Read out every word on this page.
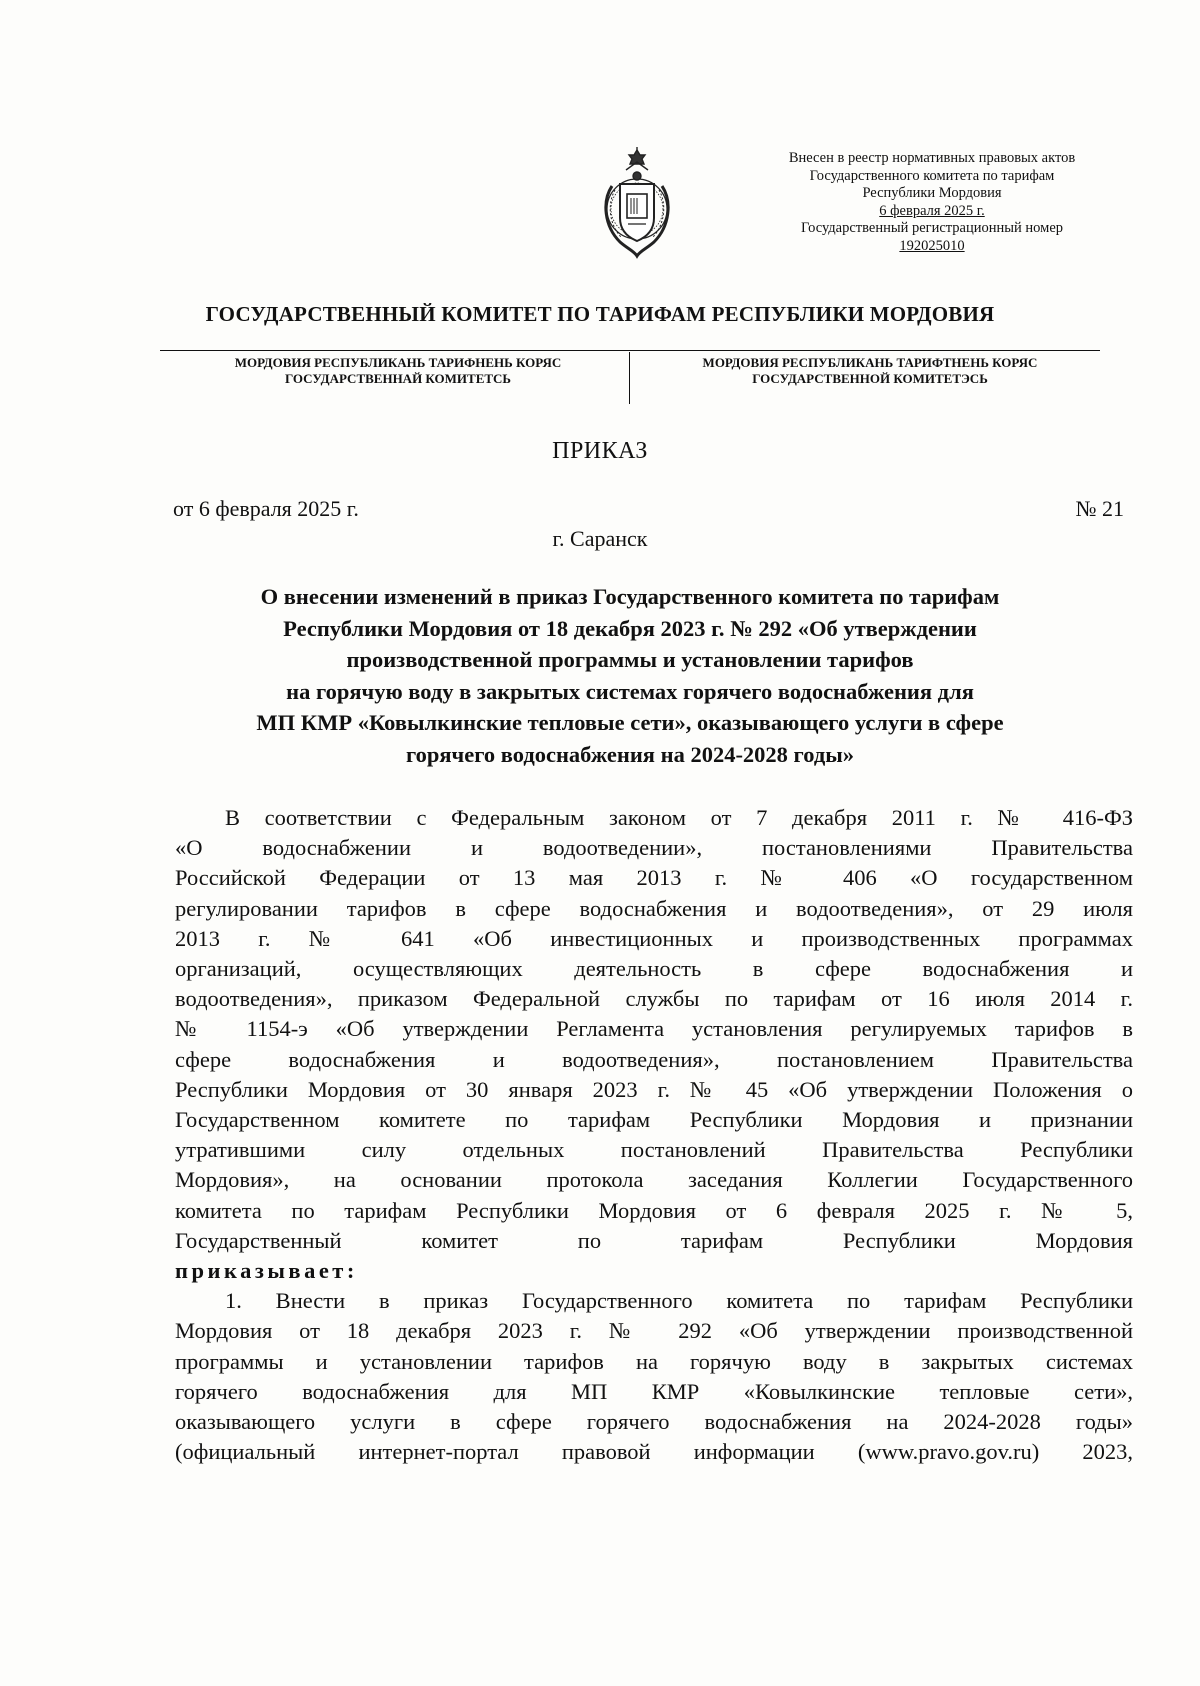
Внесен в реестр нормативных правовых актов
Государственного комитета по тарифам
Республики Мордовия
6 февраля 2025 г.
Государственный регистрационный номер
192025010
ГОСУДАРСТВЕННЫЙ КОМИТЕТ ПО ТАРИФАМ РЕСПУБЛИКИ МОРДОВИЯ
МОРДОВИЯ РЕСПУБЛИКАНЬ ТАРИФНЕНЬ КОРЯС
ГОСУДАРСТВЕННАЙ КОМИТЕТСЬ
МОРДОВИЯ РЕСПУБЛИКАНЬ ТАРИФТНЕНЬ КОРЯС
ГОСУДАРСТВЕННОЙ КОМИТЕТЭСЬ
ПРИКАЗ
от 6 февраля 2025 г.	№ 21
г. Саранск
О внесении изменений в приказ Государственного комитета по тарифам
Республики Мордовия от 18 декабря 2023 г. № 292 «Об утверждении
производственной программы и установлении тарифов
на горячую воду в закрытых системах горячего водоснабжения для
МП КМР «Ковылкинские тепловые сети», оказывающего услуги в сфере
горячего водоснабжения на 2024-2028 годы»
В соответствии с Федеральным законом от 7 декабря 2011 г. № 416-ФЗ
«О водоснабжении и водоотведении», постановлениями Правительства
Российской Федерации от 13 мая 2013 г. № 406 «О государственном
регулировании тарифов в сфере водоснабжения и водоотведения», от 29 июля
2013 г. № 641 «Об инвестиционных и производственных программах
организаций, осуществляющих деятельность в сфере водоснабжения и
водоотведения», приказом Федеральной службы по тарифам от 16 июля 2014 г.
№ 1154-э «Об утверждении Регламента установления регулируемых тарифов в
сфере водоснабжения и водоотведения», постановлением Правительства
Республики Мордовия от 30 января 2023 г. № 45 «Об утверждении Положения о
Государственном комитете по тарифам Республики Мордовия и признании
утратившими силу отдельных постановлений Правительства Республики
Мордовия», на основании протокола заседания Коллегии Государственного
комитета по тарифам Республики Мордовия от 6 февраля 2025 г. № 5,
Государственный комитет по тарифам Республики Мордовия
приказывает:
1. Внести в приказ Государственного комитета по тарифам Республики
Мордовия от 18 декабря 2023 г. № 292 «Об утверждении производственной
программы и установлении тарифов на горячую воду в закрытых системах
горячего водоснабжения для МП КМР «Ковылкинские тепловые сети»,
оказывающего услуги в сфере горячего водоснабжения на 2024-2028 годы»
(официальный интернет-портал правовой информации (www.pravo.gov.ru) 2023,
